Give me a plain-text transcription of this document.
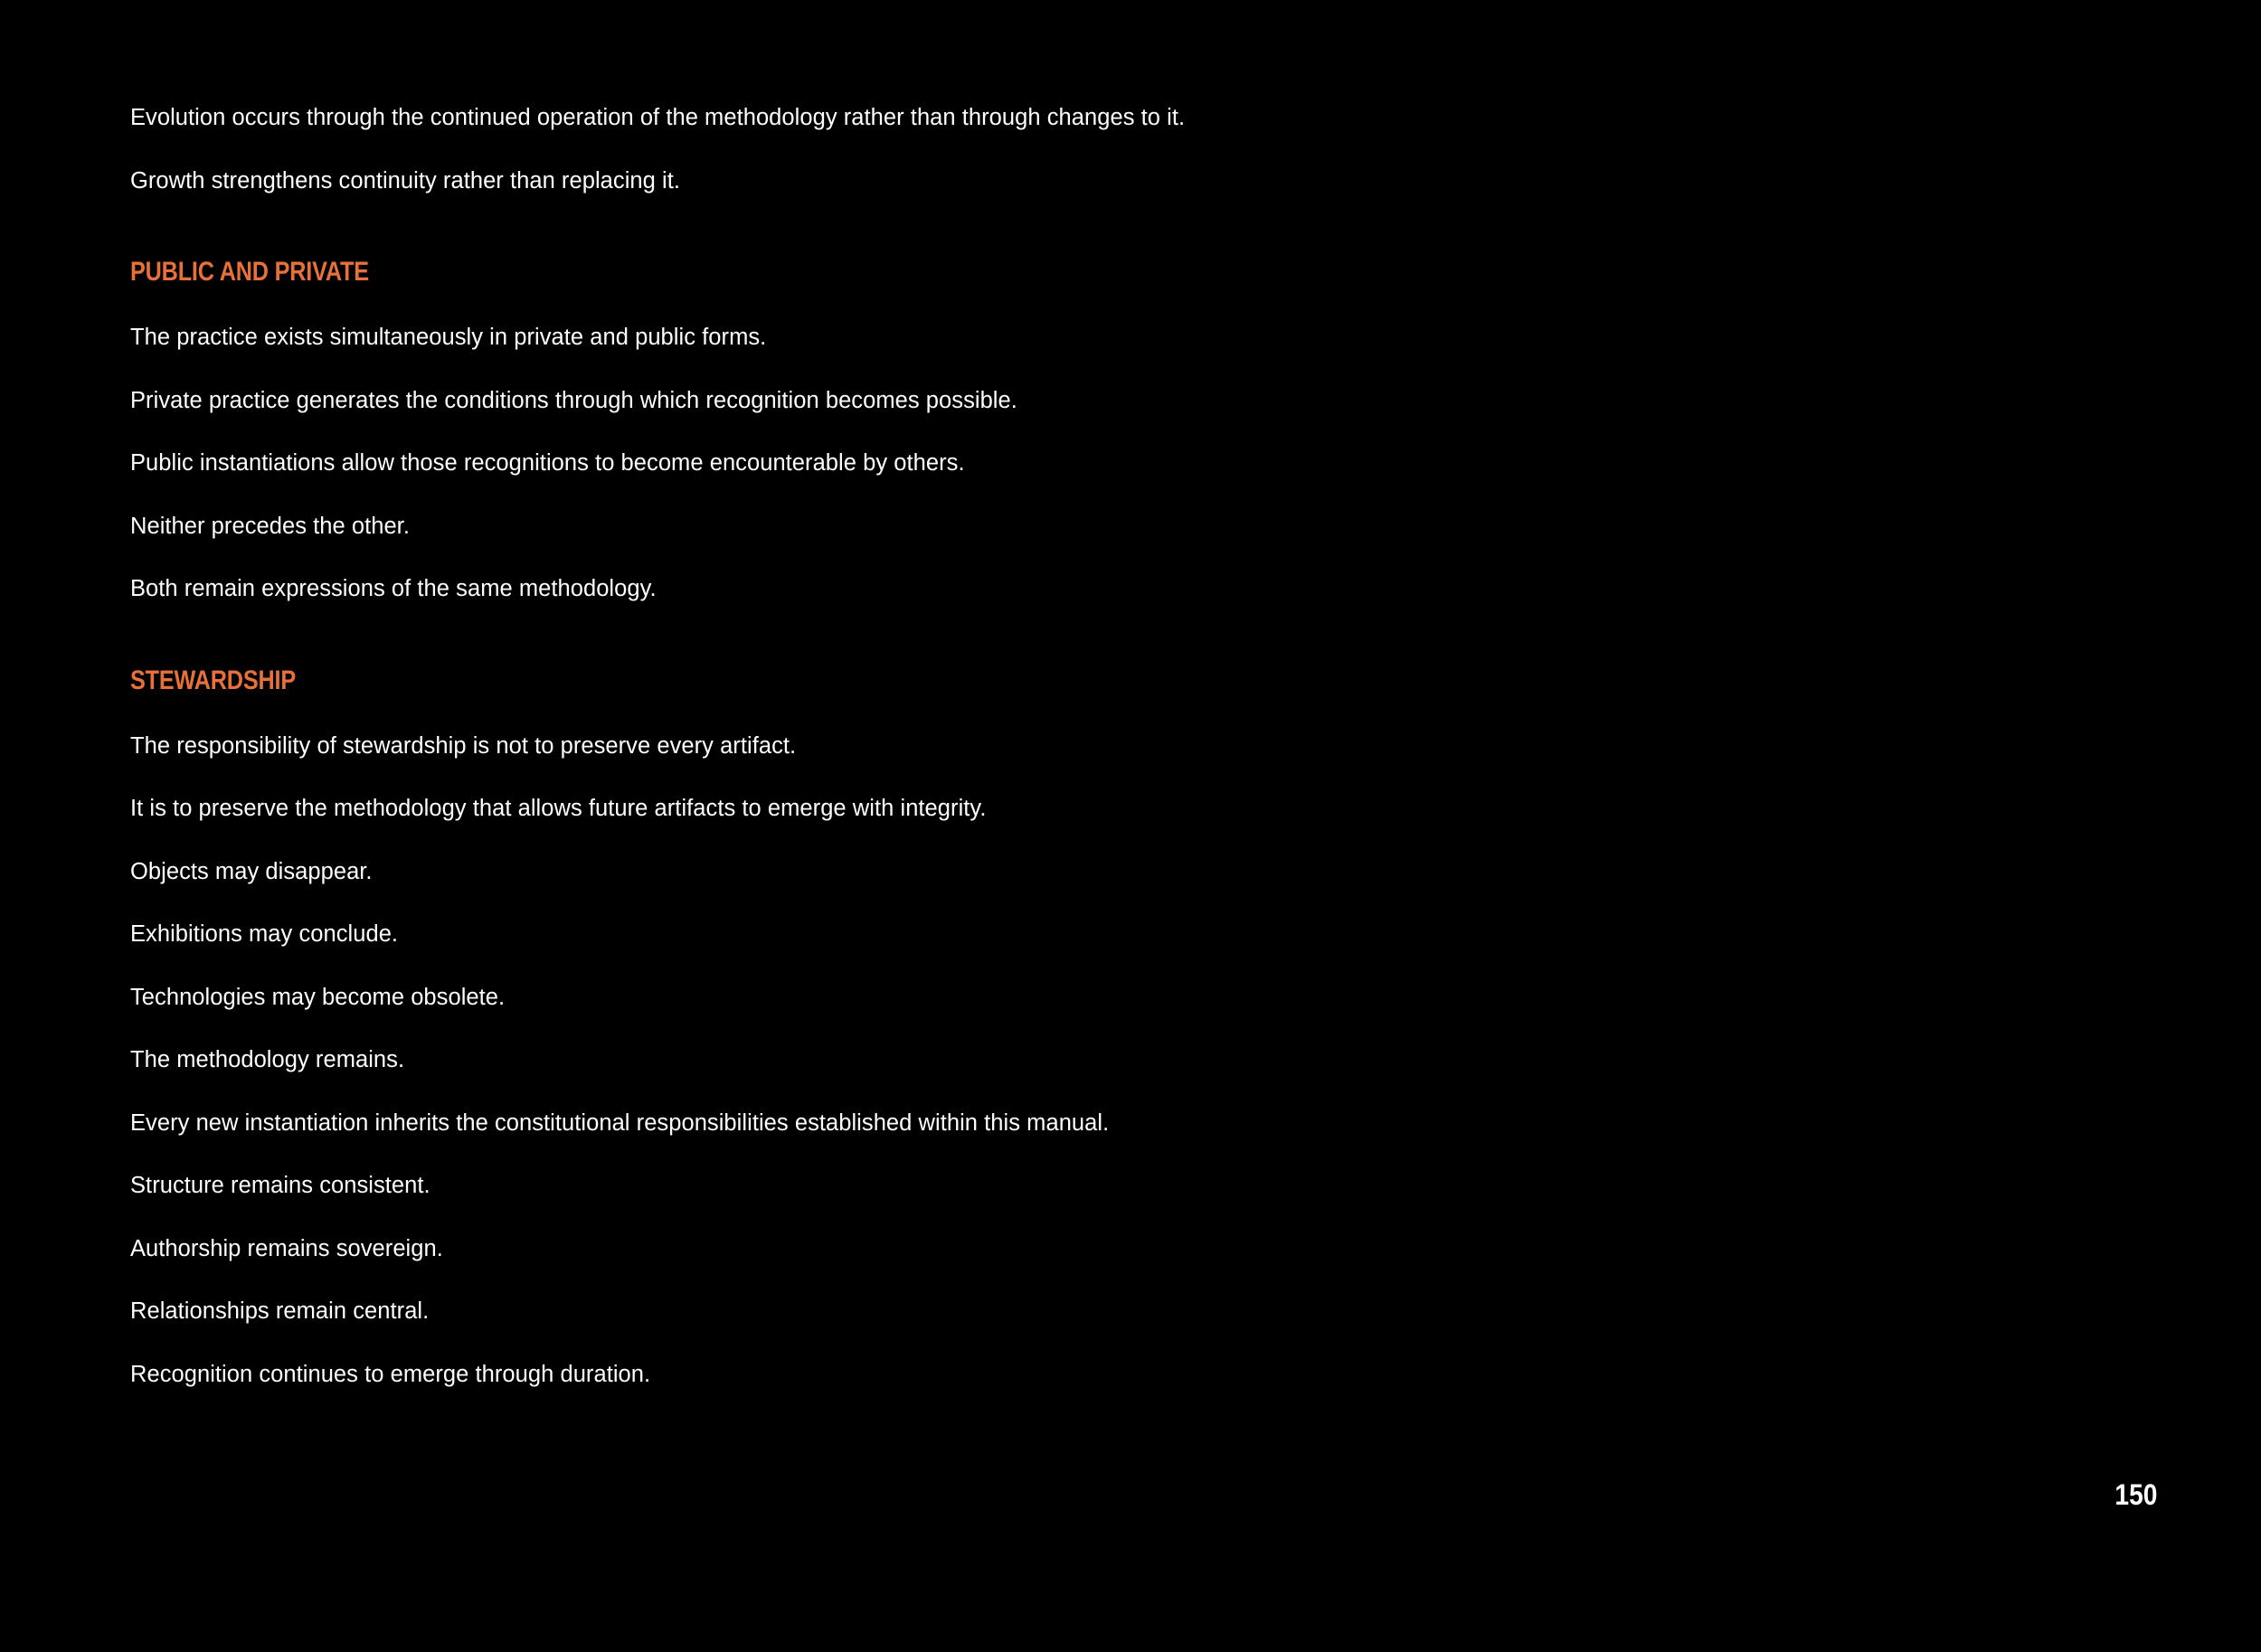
Evolution occurs through the continued operation of the methodology rather than through changes to it.
Growth strengthens continuity rather than replacing it.
PUBLIC AND PRIVATE
The practice exists simultaneously in private and public forms.
Private practice generates the conditions through which recognition becomes possible.
Public instantiations allow those recognitions to become encounterable by others.
Neither precedes the other.
Both remain expressions of the same methodology.
STEWARDSHIP
The responsibility of stewardship is not to preserve every artifact.
It is to preserve the methodology that allows future artifacts to emerge with integrity.
Objects may disappear.
Exhibitions may conclude.
Technologies may become obsolete.
The methodology remains.
Every new instantiation inherits the constitutional responsibilities established within this manual.
Structure remains consistent.
Authorship remains sovereign.
Relationships remain central.
Recognition continues to emerge through duration.
150
